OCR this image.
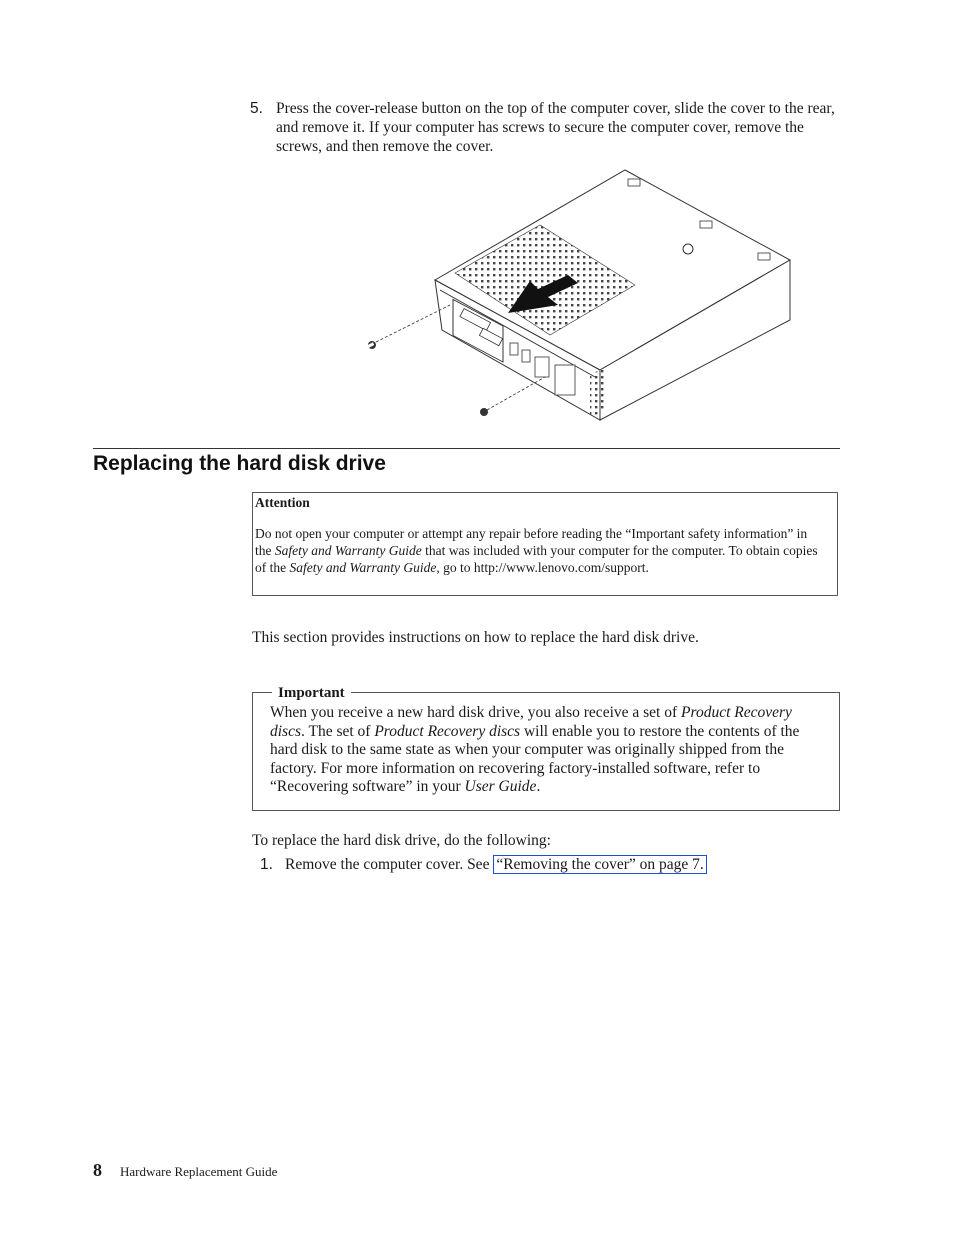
5. Press the cover-release button on the top of the computer cover, slide the cover to the rear, and remove it. If your computer has screws to secure the computer cover, remove the screws, and then remove the cover.
Replacing the hard disk drive
Attention
Do not open your computer or attempt any repair before reading the “Important safety information” in the Safety and Warranty Guide that was included with your computer for the computer. To obtain copies of the Safety and Warranty Guide, go to http://www.lenovo.com/support.
This section provides instructions on how to replace the hard disk drive.
Important
When you receive a new hard disk drive, you also receive a set of Product Recovery discs. The set of Product Recovery discs will enable you to restore the contents of the hard disk to the same state as when your computer was originally shipped from the factory. For more information on recovering factory-installed software, refer to “Recovering software” in your User Guide.
To replace the hard disk drive, do the following:
1. Remove the computer cover. See “Removing the cover” on page 7.
8 Hardware Replacement Guide
